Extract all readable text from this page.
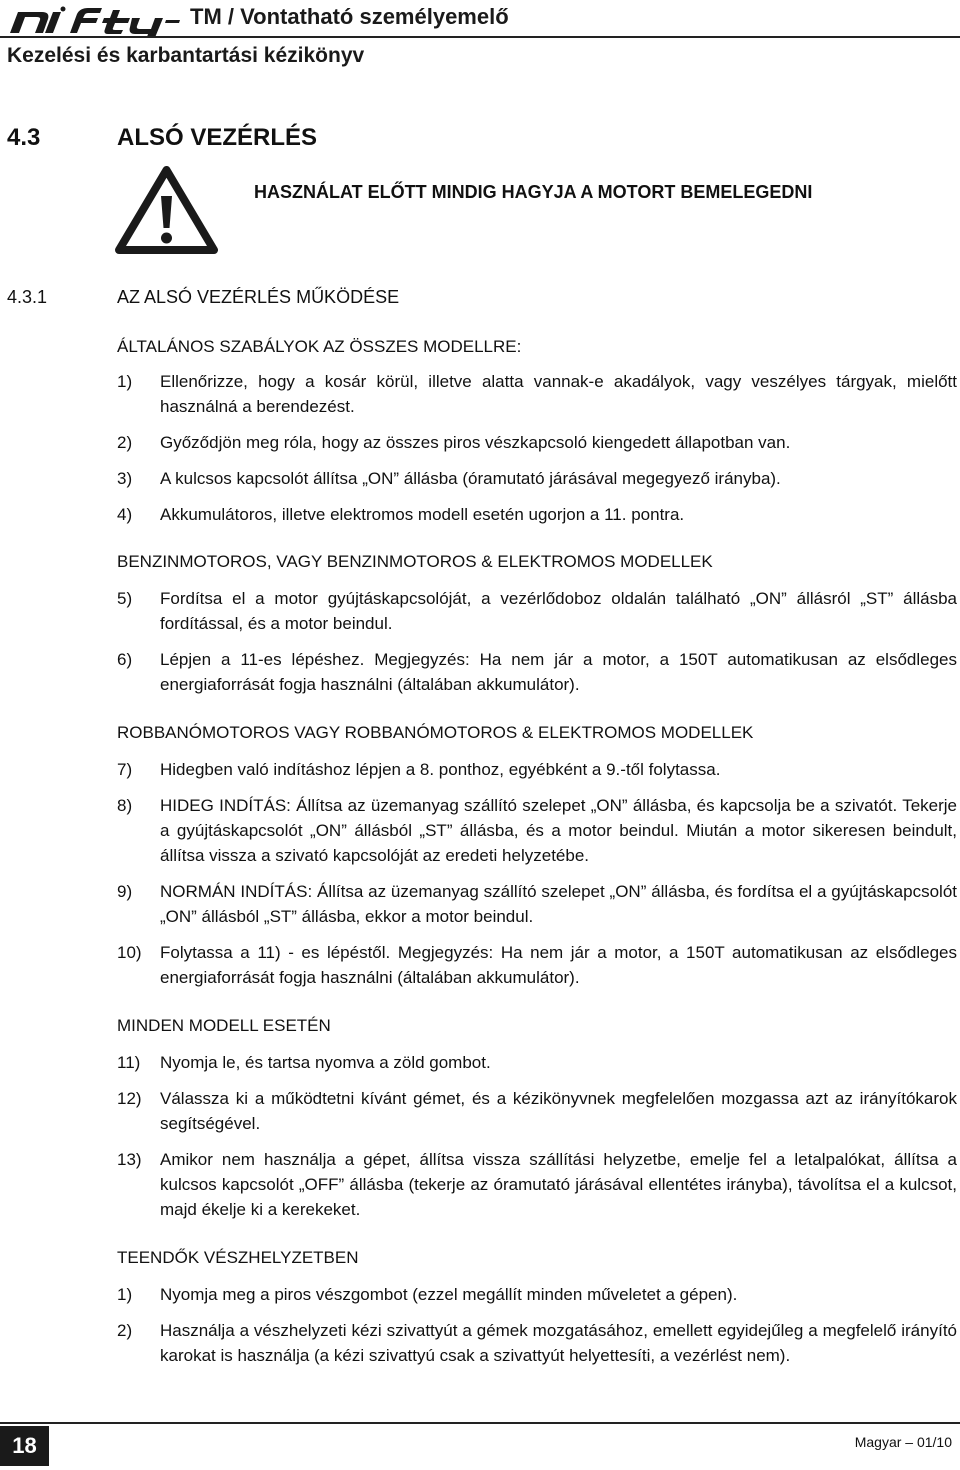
TM / Vontatható személyemelő
Kezelési és karbantartási kézikönyv
4.3	ALSÓ VEZÉRLÉS
HASZNÁLAT ELŐTT MINDIG HAGYJA A MOTORT BEMELEGEDNI
4.3.1	AZ ALSÓ VEZÉRLÉS MŰKÖDÉSE
ÁLTALÁNOS SZABÁLYOK AZ ÖSSZES MODELLRE:
1)	Ellenőrizze, hogy a kosár körül, illetve alatta vannak-e akadályok, vagy veszélyes tárgyak, mielőtt használná a berendezést.
2)	Győződjön meg róla, hogy az összes piros vészkapcsoló kiengedett állapotban van.
3)	A kulcsos kapcsolót állítsa „ON” állásba (óramutató járásával megegyező irányba).
4)	Akkumulátoros, illetve elektromos modell esetén ugorjon a 11. pontra.
BENZINMOTOROS, VAGY BENZINMOTOROS & ELEKTROMOS MODELLEK
5)	Fordítsa el a motor gyújtáskapcsolóját, a vezérlődoboz oldalán található „ON” állásról „ST” állásba fordítással, és a motor beindul.
6)	Lépjen a 11-es lépéshez. Megjegyzés: Ha nem jár a motor, a 150T automatikusan az elsődleges energiaforrását fogja használni (általában akkumulátor).
ROBBANÓMOTOROS VAGY ROBBANÓMOTOROS & ELEKTROMOS MODELLEK
7)	Hidegben való indításhoz lépjen a 8. ponthoz, egyébként a 9.-től folytassa.
8)	HIDEG INDÍTÁS: Állítsa az üzemanyag szállító szelepet „ON” állásba, és kapcsolja be a szivatót. Tekerje a gyújtáskapcsolót „ON” állásból „ST” állásba, és a motor beindul. Miután a motor sikeresen beindult, állítsa vissza a szivató kapcsolóját az eredeti helyzetébe.
9)	NORMÁN INDÍTÁS: Állítsa az üzemanyag szállító szelepet „ON” állásba, és fordítsa el a gyújtáskapcsolót „ON” állásból „ST” állásba, ekkor a motor beindul.
10)	Folytassa a 11) - es lépéstől. Megjegyzés: Ha nem jár a motor, a 150T automatikusan az elsődleges energiaforrását fogja használni (általában akkumulátor).
MINDEN MODELL ESETÉN
11)	Nyomja le, és tartsa nyomva a zöld gombot.
12)	Válassza ki a működtetni kívánt gémet, és a kézikönyvnek megfelelően mozgassa azt az irányítókarok segítségével.
13)	Amikor nem használja a gépet, állítsa vissza szállítási helyzetbe, emelje fel a letalpalókat, állítsa a kulcsos kapcsolót „OFF” állásba (tekerje az óramutató járásával ellentétes irányba), távolítsa el a kulcsot, majd ékelje ki a kerekeket.
TEENDŐK VÉSZHELYZETBEN
1)	Nyomja meg a piros vészgombot (ezzel megállít minden műveletet a gépen).
2)	Használja a vészhelyzeti kézi szivattyút a gémek mozgatásához, emellett egyidejűleg a megfelelő irányító karokat is használja (a kézi szivattyú csak a szivattyút helyettesíti, a vezérlést nem).
18	Magyar – 01/10
